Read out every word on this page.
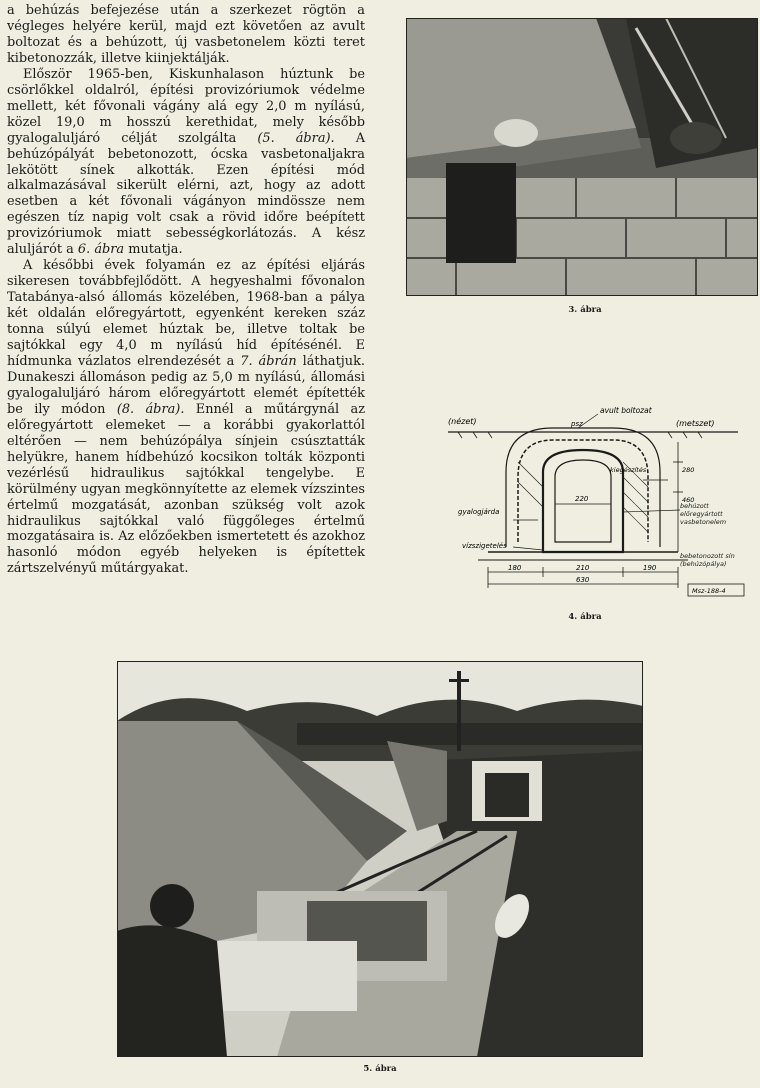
a behúzás befejezése után a szerkezet rögtön a végleges helyére kerül, majd ezt követően az avult boltozat és a behúzott, új vasbetonelem közti teret kibetonozzák, illetve kiinjektálják.

Először 1965-ben, Kiskunhalason húztunk be csörlőkkel oldalról, építési provizóriumok védelme mellett, két fővonali vágány alá egy 2,0 m nyílású, közel 19,0 m hosszú kerethidat, mely később gyalogaluljáró célját szolgálta (5. ábra). A behúzópályát bebetonozott, ócska vasbetonaljakra lekötött sínek alkották. Ezen építési mód alkalmazásával sikerült elérni, azt, hogy az adott esetben a két fővonali vágányon mindössze nem egészen tíz napig volt csak a rövid időre beépített provizóriumok miatt sebességkorlátozás. A kész aluljárót a 6. ábra mutatja.

A későbbi évek folyamán ez az építési eljárás sikeresen továbbfejlődött. A hegyeshalmi fővonalon Tatabánya-alsó állomás közelében, 1968-ban a pálya két oldalán előregyártott, egyenként kereken száz tonna súlyú elemet húztak be, illetve toltak be sajtókkal egy 4,0 m nyílású híd építésénél. E hídmunka vázlatos elrendezését a 7. ábrán láthatjuk. Dunakeszi állomáson pedig az 5,0 m nyílású, állomási gyalogaluljáró három előregyártott elemét építették be ily módon (8. ábra). Ennél a műtárgynál az előregyártott elemeket — a korábbi gyakorlattól eltérően — nem behúzópálya sínjein csúsztatták helyükre, hanem hídbehúzó kocsikon tolták központi vezérlésű hidraulikus sajtókkal tengelybe. E körülmény ugyan megkönnyítette az elemek vízszintes értelmű mozgatását, azonban szükség volt azok hidraulikus sajtókkal való függőleges értelmű mozgatásaira is. Az előzőekben ismertetett és azokhoz hasonló módon egyéb helyeken is építettek zártszelvényű műtárgyakat.

3. ábra
(nézet)	(metszet)
avult boltozat
psz
kiegészítés
220
gyalogjárda
vízszigetelés
280
460
behúzott előregyártott vasbetonelem
bebetonozott sín (behúzópálya)
180	210	190
630
Msz-188-4
4. ábra
5. ábra
